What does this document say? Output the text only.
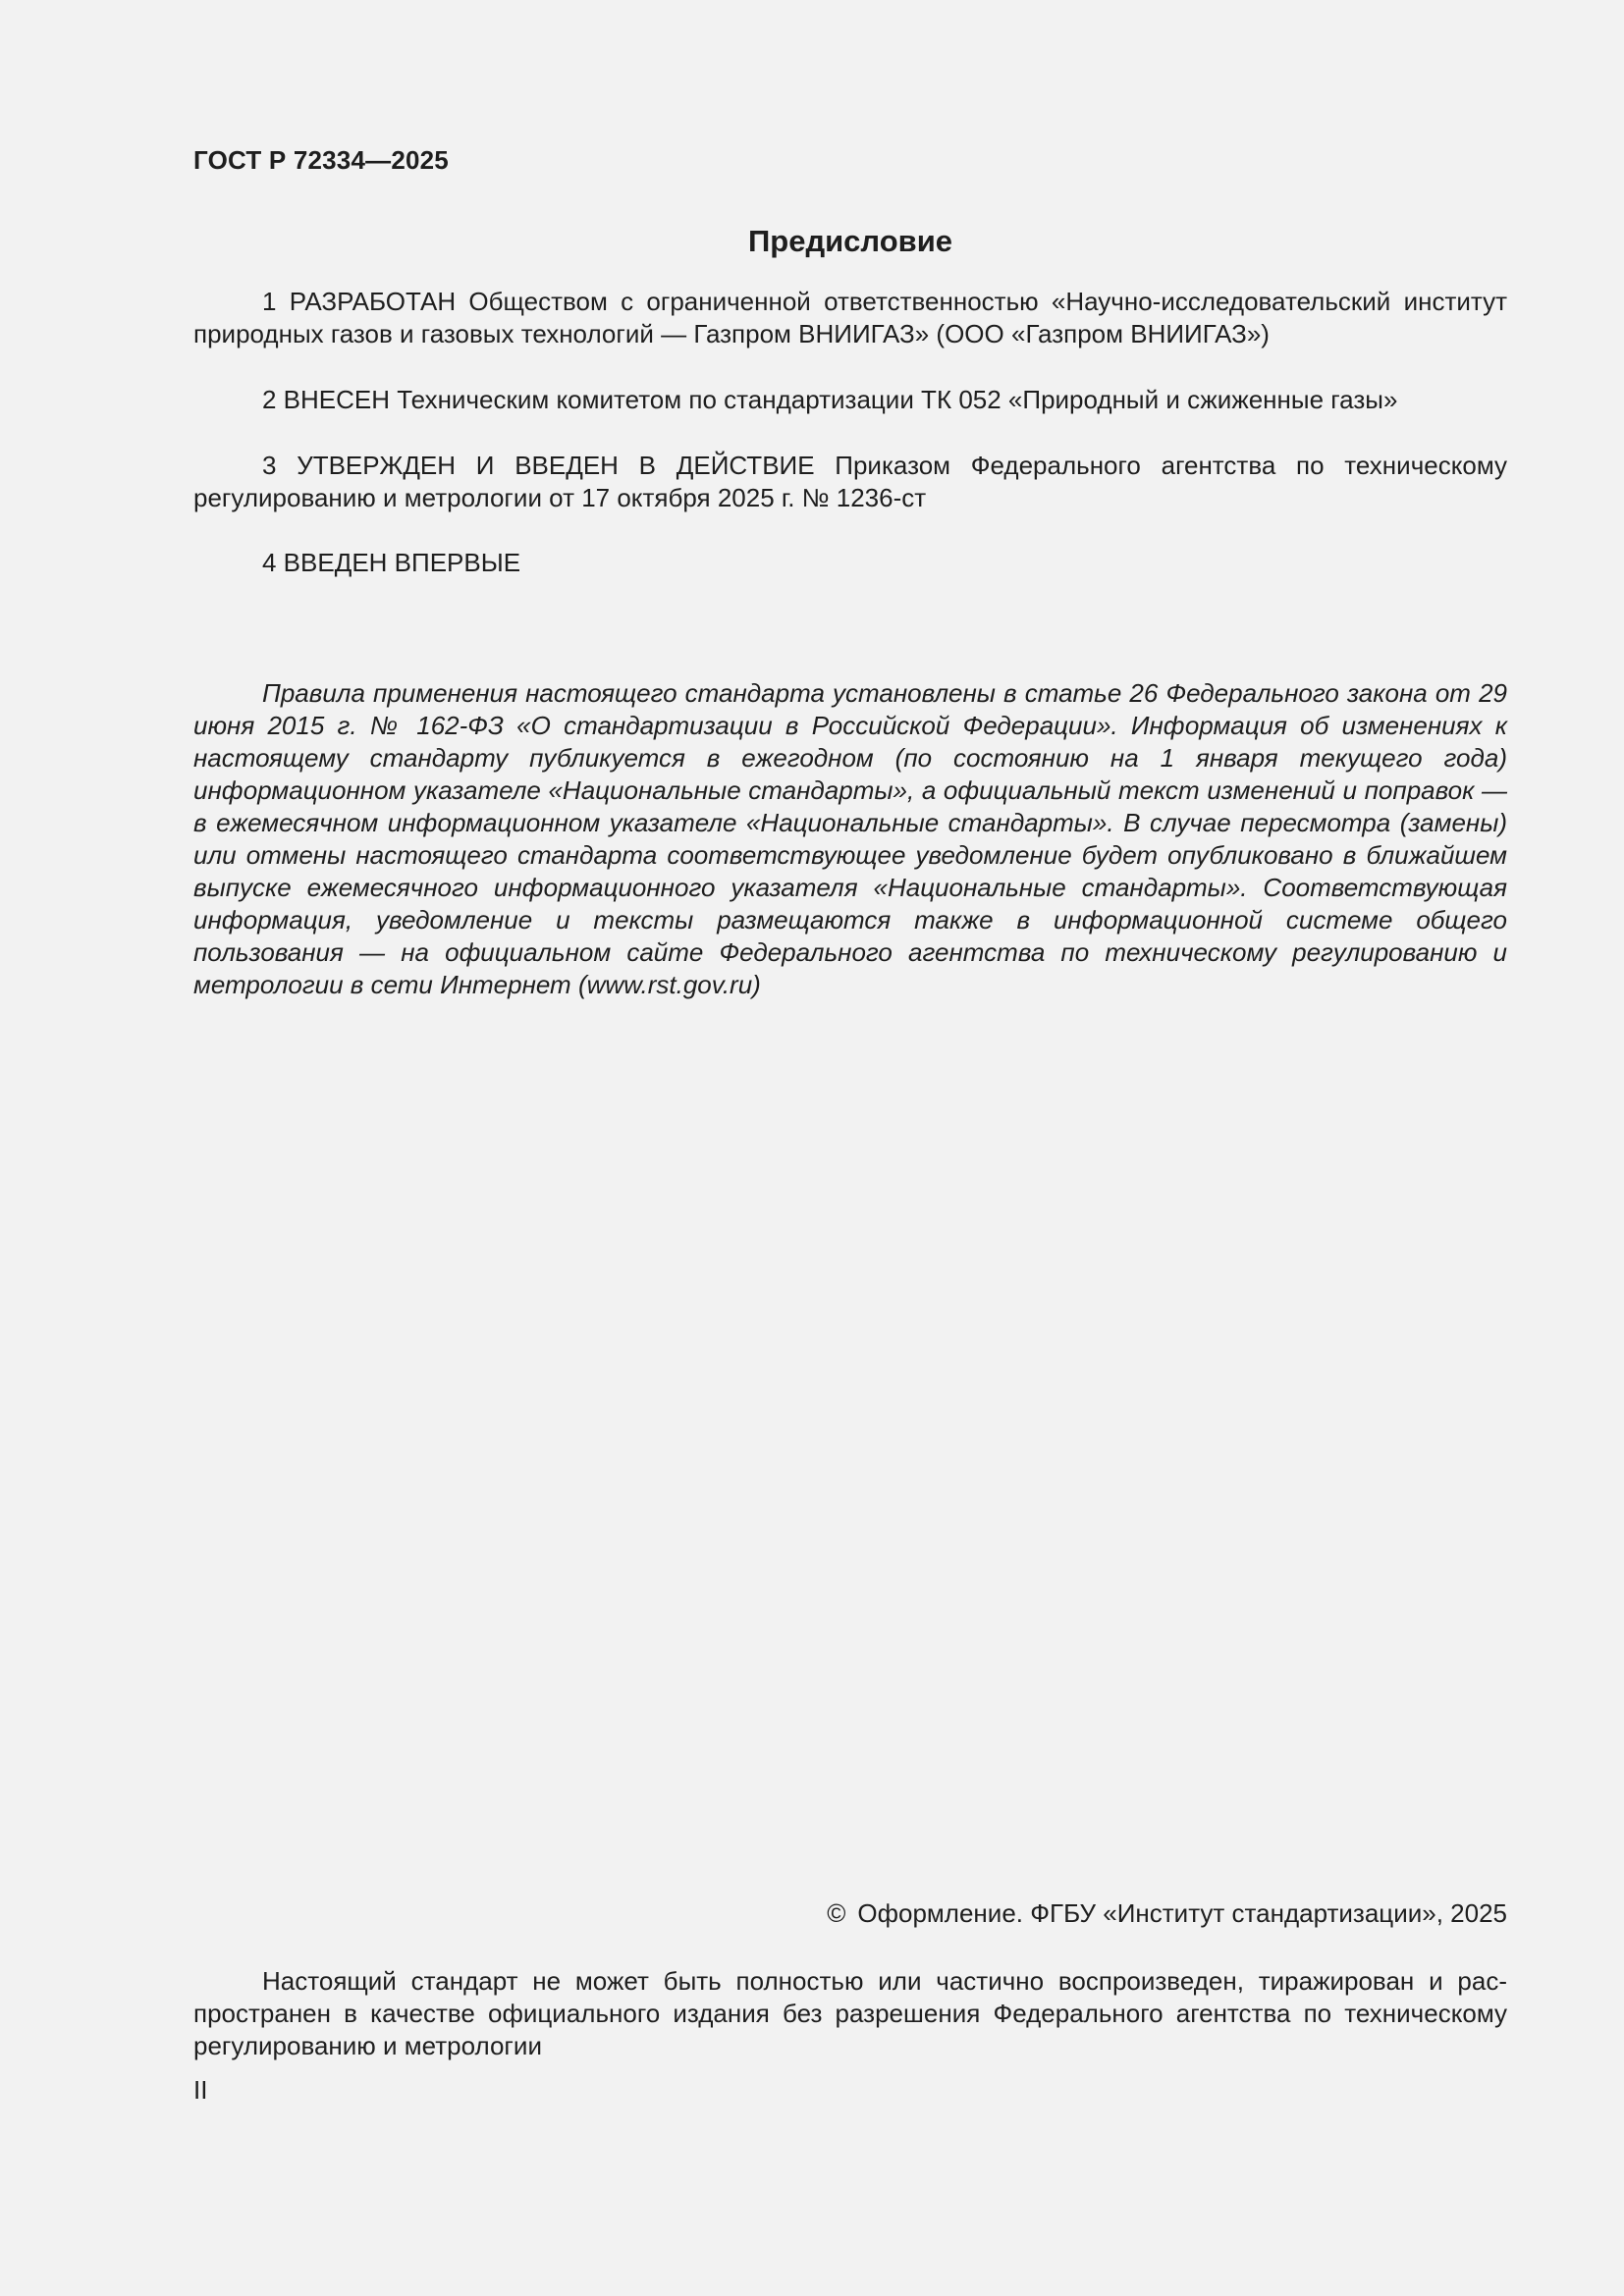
ГОСТ Р 72334—2025
Предисловие

1 РАЗРАБОТАН Обществом с ограниченной ответственностью «Научно-исследовательский институт природных газов и газовых технологий — Газпром ВНИИГАЗ» (ООО «Газпром ВНИИГАЗ»)

2 ВНЕСЕН Техническим комитетом по стандартизации ТК 052 «Природный и сжиженные газы»

3 УТВЕРЖДЕН И ВВЕДЕН В ДЕЙСТВИЕ Приказом Федерального агентства по техническому регулированию и метрологии от 17 октября 2025 г. № 1236-ст

4 ВВЕДЕН ВПЕРВЫЕ

Правила применения настоящего стандарта установлены в статье 26 Федерального закона от 29 июня 2015 г. № 162-ФЗ «О стандартизации в Российской Федерации». Информация об изменениях к настоящему стандарту публикуется в ежегодном (по состоянию на 1 января текущего года) информационном указателе «Национальные стандарты», а официальный текст изменений и поправок — в ежемесячном информационном указателе «Национальные стандарты». В случае пересмотра (замены) или отмены настоящего стандарта соответствующее уведомление будет опубликовано в ближайшем выпуске ежемесячного информационного указателя «Национальные стандарты». Соответствующая информация, уведомление и тексты размещаются также в информационной системе общего пользования — на официальном сайте Федерального агентства по техническому регулированию и метрологии в сети Интернет (www.rst.gov.ru)

© Оформление. ФГБУ «Институт стандартизации», 2025

Настоящий стандарт не может быть полностью или частично воспроизведен, тиражирован и распространен в качестве официального издания без разрешения Федерального агентства по техническому регулированию и метрологии

II
